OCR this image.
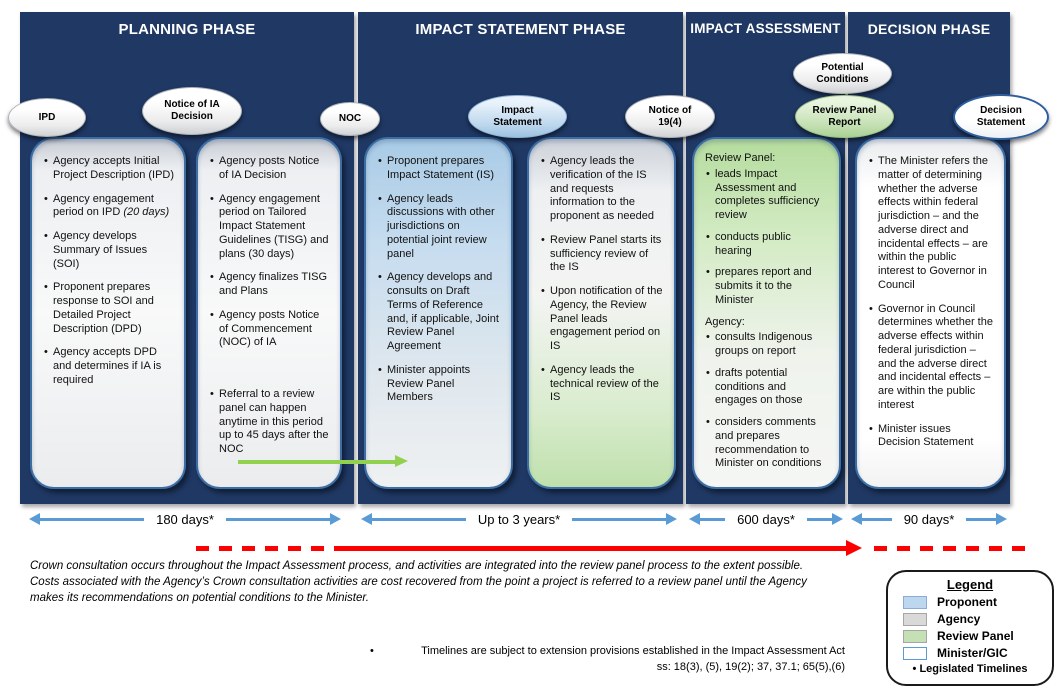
PLANNING PHASE	IMPACT STATEMENT PHASE	IMPACT ASSESSMENT	DECISION PHASE
• Agency accepts Initial Project Description (IPD)
• Agency engagement period on IPD (20 days)
• Agency develops Summary of Issues (SOI)
• Proponent prepares response to SOI and Detailed Project Description (DPD)
• Agency accepts DPD and determines if IA is required
• Agency posts Notice of IA Decision
• Agency engagement period on Tailored Impact Statement Guidelines (TISG) and plans (30 days)
• Agency finalizes TISG and Plans
• Agency posts Notice of Commencement (NOC) of IA
• Referral to a review panel can happen anytime in this period up to 45 days after the NOC
• Proponent prepares Impact Statement (IS)
• Agency leads discussions with other jurisdictions on potential joint review panel
• Agency develops and consults on Draft Terms of Reference and, if applicable, Joint Review Panel Agreement
• Minister appoints Review Panel Members
• Agency leads the verification of the IS and requests information to the proponent as needed
• Review Panel starts its sufficiency review of the IS
• Upon notification of the Agency, the Review Panel leads engagement period on IS
• Agency leads the technical review of the IS
Review Panel:
• leads Impact Assessment and completes sufficiency review
• conducts public hearing
• prepares report and submits it to the Minister
Agency:
• consults Indigenous groups on report
• drafts potential conditions and engages on those
• considers comments and prepares recommendation to Minister on conditions
• The Minister refers the matter of determining whether the adverse effects within federal jurisdiction – and the adverse direct and incidental effects – are within the public interest to Governor in Council
• Governor in Council determines whether the adverse effects within federal jurisdiction – and the adverse direct and incidental effects – are within the public interest
• Minister issues Decision Statement
IPD
Notice of IA Decision	NOC
Impact Statement
Notice of 19(4)
Potential Conditions
Review Panel Report
Decision Statement
180 days*	Up to 3 years*	600 days*	90 days*
Crown consultation occurs throughout the Impact Assessment process, and activities are integrated into the review panel process to the extent possible.
Costs associated with the Agency’s Crown consultation activities are cost recovered from the point a project is referred to a review panel until the Agency
makes its recommendations on potential conditions to the Minister.
• Timelines are subject to extension provisions established in the Impact Assessment Act
ss: 18(3), (5), 19(2); 37, 37.1; 65(5),(6)
Legend
Proponent
Agency
Review Panel
Minister/GIC
• Legislated Timelines
